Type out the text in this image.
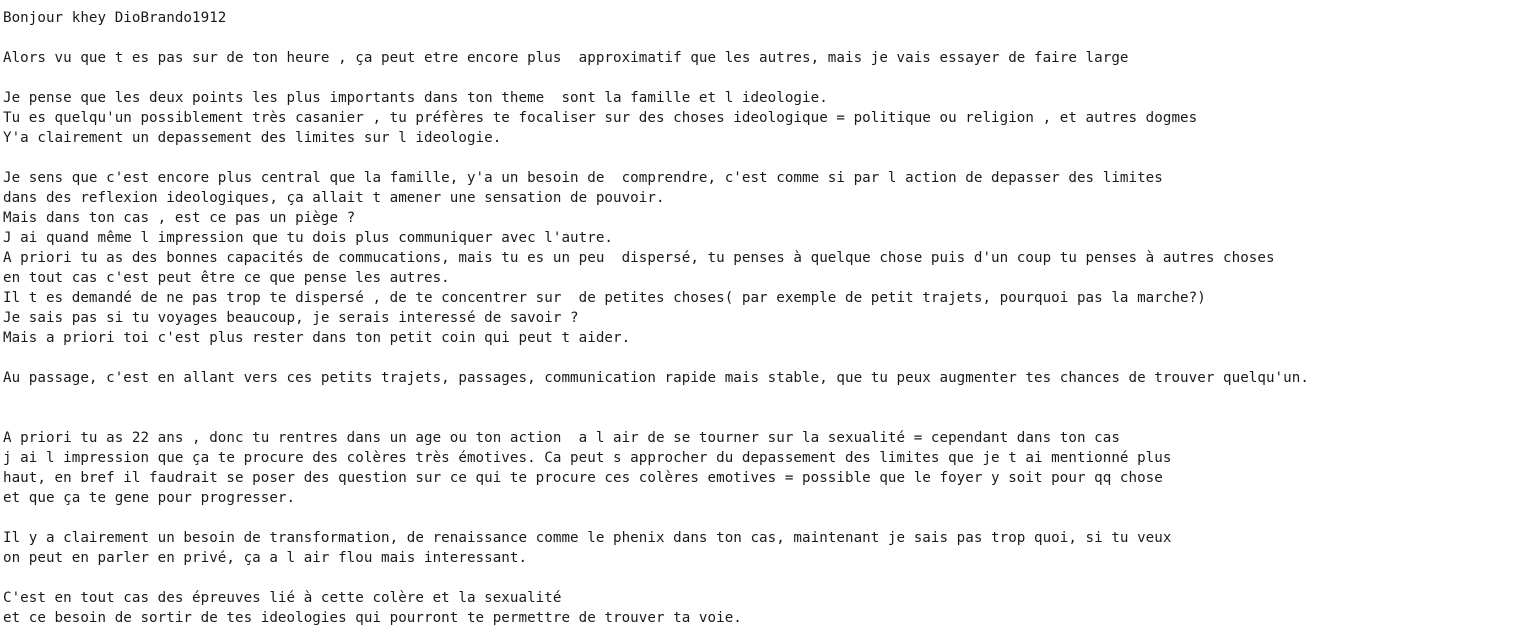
Bonjour khey DioBrando1912
Alors vu que t es pas sur de ton heure , ça peut etre encore plus  approximatif que les autres, mais je vais essayer de faire large
Je pense que les deux points les plus importants dans ton theme  sont la famille et l ideologie.
Tu es quelqu'un possiblement très casanier , tu préfères te focaliser sur des choses ideologique = politique ou religion , et autres dogmes
Y'a clairement un depassement des limites sur l ideologie.
Je sens que c'est encore plus central que la famille, y'a un besoin de  comprendre, c'est comme si par l action de depasser des limites
dans des reflexion ideologiques, ça allait t amener une sensation de pouvoir.
Mais dans ton cas , est ce pas un piège ?
J ai quand même l impression que tu dois plus communiquer avec l'autre.
A priori tu as des bonnes capacités de commucations, mais tu es un peu  dispersé, tu penses à quelque chose puis d'un coup tu penses à autres choses
en tout cas c'est peut être ce que pense les autres.
Il t es demandé de ne pas trop te dispersé , de te concentrer sur  de petites choses( par exemple de petit trajets, pourquoi pas la marche?)
Je sais pas si tu voyages beaucoup, je serais interessé de savoir ?
Mais a priori toi c'est plus rester dans ton petit coin qui peut t aider.
Au passage, c'est en allant vers ces petits trajets, passages, communication rapide mais stable, que tu peux augmenter tes chances de trouver quelqu'un.
A priori tu as 22 ans , donc tu rentres dans un age ou ton action  a l air de se tourner sur la sexualité = cependant dans ton cas
j ai l impression que ça te procure des colères très émotives. Ca peut s approcher du depassement des limites que je t ai mentionné plus
haut, en bref il faudrait se poser des question sur ce qui te procure ces colères emotives = possible que le foyer y soit pour qq chose
et que ça te gene pour progresser.
Il y a clairement un besoin de transformation, de renaissance comme le phenix dans ton cas, maintenant je sais pas trop quoi, si tu veux
on peut en parler en privé, ça a l air flou mais interessant.
C'est en tout cas des épreuves lié à cette colère et la sexualité
et ce besoin de sortir de tes ideologies qui pourront te permettre de trouver ta voie.
